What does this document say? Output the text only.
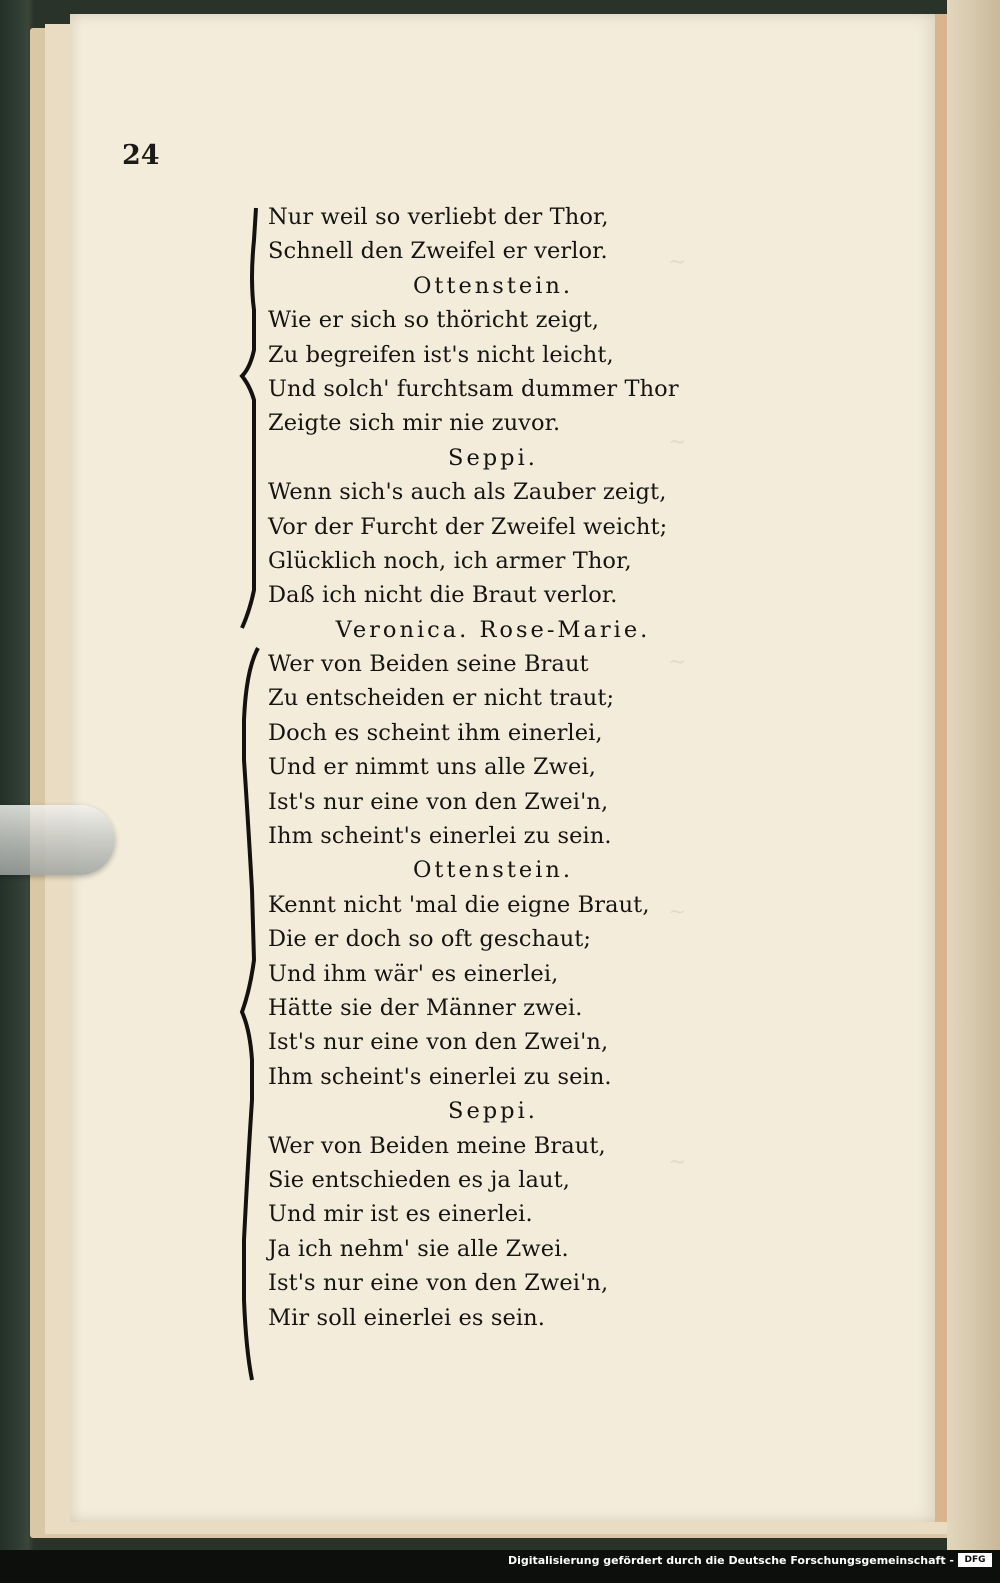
~
~
~
~
~
24
Nur weil so verliebt der Thor,
Schnell den Zweifel er verlor.
Ottenstein.
Wie er sich so thöricht zeigt,
Zu begreifen ist's nicht leicht,
Und solch' furchtsam dummer Thor
Zeigte sich mir nie zuvor.
Seppi.
Wenn sich's auch als Zauber zeigt,
Vor der Furcht der Zweifel weicht;
Glücklich noch, ich armer Thor,
Daß ich nicht die Braut verlor.
Veronica. Rose-Marie.
Wer von Beiden seine Braut
Zu entscheiden er nicht traut;
Doch es scheint ihm einerlei,
Und er nimmt uns alle Zwei,
Ist's nur eine von den Zwei'n,
Ihm scheint's einerlei zu sein.
Ottenstein.
Kennt nicht 'mal die eigne Braut,
Die er doch so oft geschaut;
Und ihm wär' es einerlei,
Hätte sie der Männer zwei.
Ist's nur eine von den Zwei'n,
Ihm scheint's einerlei zu sein.
Seppi.
Wer von Beiden meine Braut,
Sie entschieden es ja laut,
Und mir ist es einerlei.
Ja ich nehm' sie alle Zwei.
Ist's nur eine von den Zwei'n,
Mir soll einerlei es sein.
Digitalisierung gefördert durch die Deutsche Forschungsgemeinschaft -	DFG
